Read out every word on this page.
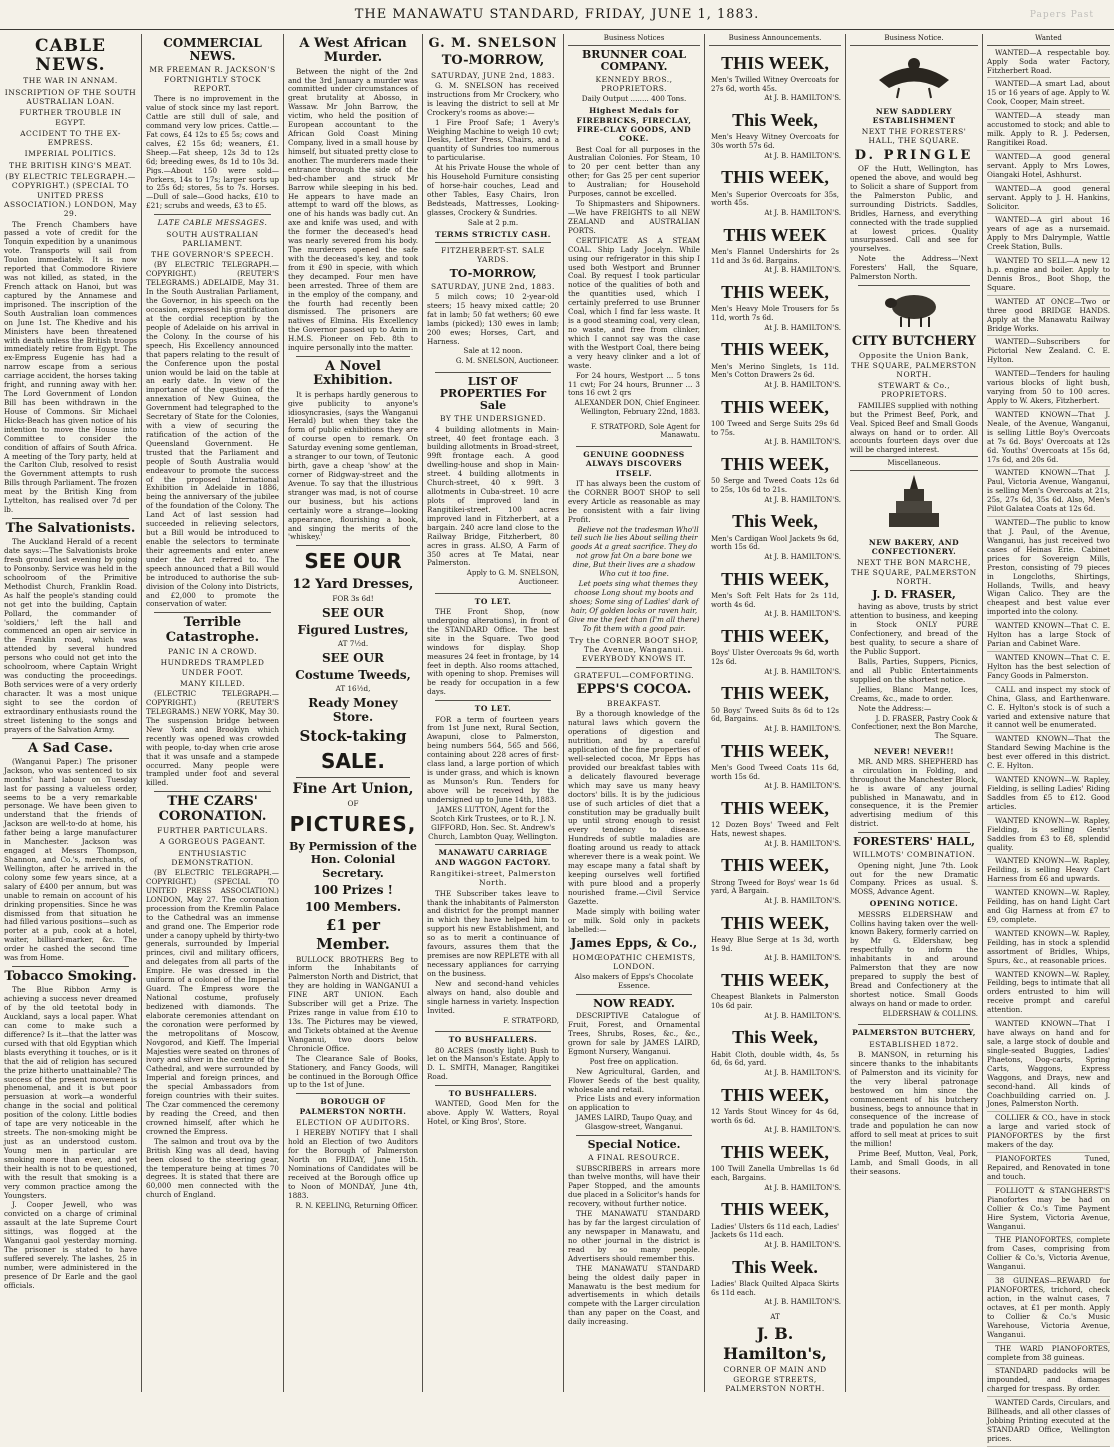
Papers Past
THE MANAWATU STANDARD, FRIDAY, JUNE 1, 1883.
CABLE NEWS.
THE WAR IN ANNAM.
INSCRIPTION OF THE SOUTH AUSTRALIAN LOAN.
FURTHER TROUBLE IN EGYPT.
ACCIDENT TO THE EX-EMPRESS.
IMPERIAL POLITICS.
THE BRITISH KING'S MEAT.
(BY ELECTRIC TELEGRAPH.—COPYRIGHT.) (SPECIAL TO UNITED PRESS ASSOCIATION.) LONDON, May 29.
The French Chambers have passed a vote of credit for the Tonquin expedition by a unanimous vote. Transports will sail from Toulon immediately. It is now reported that Commodore Riviere was not killed, as stated, in the French attack on Hanoi, but was captured by the Annamese and imprisoned. The inscription of the South Australian loan commences on June 1st. The Khedive and his Ministers have been threatened with death unless the British troops immediately retire from Egypt. The ex-Empress Eugenie has had a narrow escape from a serious carriage accident, the horses taking fright, and running away with her. The Lord Government of London Bill has been withdrawn in the House of Commons. Sir Michael Hicks-Beach has given notice of his intention to move the House into Committee to consider the condition of affairs of South Africa. A meeting of the Tory party, held at the Carlton Club, resolved to resist the Government attempts to rush Bills through Parliament. The frozen meat by the British King from Lyttelton, has realised over 7d per lb.
The Salvationists.
The Auckland Herald of a recent date says:—The Salvationists broke fresh ground last evening by going to Ponsonby. Service was held in the schoolroom of the Primitive Methodist Church, Franklin Road. As half the people's standing could not get into the building, Captain Pollard, the commander of 'soldiers,' left the hall and commenced an open air service in the Franklin road, which was attended by several hundred persons who could not get into the schoolroom, where Captain Wright was conducting the proceedings. Both services were of a very orderly character. It was a most unique sight to see the cordon of extraordinary enthusiasts round the street listening to the songs and prayers of the Salvation Army.
A Sad Case.
(Wanganui Paper.) The prisoner Jackson, who was sentenced to six months' hard labour on Tuesday last for passing a valueless order, seems to be a very remarkable personage. We have been given to understand that the friends of Jackson are well-to-do at home, his father being a large manufacturer in Manchester. Jackson was engaged at Messrs Thompson, Shannon, and Co.'s, merchants, of Wellington, after he arrived in the colony some few years since, at a salary of £400 per annum, but was unable to remain on account of his drinking propensities. Since he was dismissed from that situation he had filled various positions—such as porter at a pub, cook at a hotel, waiter, billiard-marker, &c. The order he cashed the second time was from Home.
Tobacco Smoking.
The Blue Ribbon Army is achieving a success never dreamed of by the old teetotal body in Auckland, says a local paper. What can come to make such a difference? Is it—that the latter was cursed with that old Egyptian which blasts everything it touches, or is it that the aid of religion has secured the prize hitherto unattainable? The success of the present movement is phenomenal, and it is but poor persuasion at work—a wonderful change in the social and political position of the colony. Little bodies of tape are very noticeable in the streets. The non-smoking might be just as an understood custom. Young men in particular are smoking more than ever, and yet their health is not to be questioned, with the result that smoking is a very common practice among the Youngsters.
J. Cooper Jewell, who was convicted on a charge of criminal assault at the late Supreme Court sittings, was flogged at the Wanganui gaol yesterday morning. The prisoner is stated to have suffered severely. The lashes, 25 in number, were administered in the presence of Dr Earle and the gaol officials.
COMMERCIAL NEWS.
MR FREEMAN R. JACKSON'S FORTNIGHTLY STOCK REPORT.
There is no improvement in the value of stock since my last report. Cattle are still dull of sale, and command very low prices. Cattle.—Fat cows, £4 12s to £5 5s; cows and calves, £2 15s 6d; weaners, £1. Sheep.—Fat sheep, 12s 3d to 12s 6d; breeding ewes, 8s 1d to 10s 3d. Pigs.—About 150 were sold—Porkers, 14s to 17s; larger sorts up to 25s 6d; stores, 5s to 7s. Horses.—Dull of sale—Good hacks, £10 to £21; scrubs and weeds, £3 to £5.
LATE CABLE MESSAGES.
SOUTH AUSTRALIAN PARLIAMENT.
THE GOVERNOR'S SPEECH.
(BY ELECTRIC TELEGRAPH.—COPYRIGHT.) (REUTER'S TELEGRAMS.) ADELAIDE, May 31. In the South Australian Parliament, the Governor, in his speech on the occasion, expressed his gratification at the cordial reception by the people of Adelaide on his arrival in the Colony. In the course of his speech, His Excellency announced that papers relating to the result of the Conference upon the postal union would be laid on the table at an early date. In view of the importance of the question of the annexation of New Guinea, the Government had telegraphed to the Secretary of State for the Colonies, with a view of securing the ratification of the action of the Queensland Government. He trusted that the Parliament and people of South Australia would endeavour to promote the success of the proposed International Exhibition in Adelaide in 1886, being the anniversary of the jubilee of the foundation of the Colony. The Land Act of last session had succeeded in relieving selectors, but a Bill would be introduced to enable the selectors to terminate their agreements and enter anew under the Act referred to. The speech announced that a Bill would be introduced to authorise the sub-division of the Colony into Districts, and £2,000 to promote the conservation of water.
Terrible Catastrophe.
PANIC IN A CROWD.
HUNDREDS TRAMPLED UNDER FOOT.
MANY KILLED.
(ELECTRIC TELEGRAPH.—COPYRIGHT.) (REUTER'S TELEGRAMS.) NEW YORK, May 30. The suspension bridge between New York and Brooklyn which recently was opened was crowded with people, to-day when crie arose that it was unsafe and a stampede occurred. Many people were trampled under foot and several killed.
THE CZARS' CORONATION.
FURTHER PARTICULARS.
A GORGEOUS PAGEANT.
ENTHUSIASTIC DEMONSTRATION.
(BY ELECTRIC TELEGRAPH.—COPYRIGHT.) (SPECIAL TO UNITED PRESS ASSOCIATION.) LONDON, May 27. The coronation procession from the Kremlin Palace to the Cathedral was an immense and grand one. The Emperior rode under a canopy upheld by thirty-two generals, surrounded by Imperial princes, civil and military officers, and delegates from all parts of the Empire. He was dressed in the uniform of a colonel of the Imperial Guard. The Empress wore the National costume, profusely bedizened with diamonds. The elaborate ceremonies attendant on the coronation were performed by the metropolitans of Moscow, Novgorod, and Kieff. The Imperial Majesties were seated on thrones of ivory and silver in the centre of the Cathedral, and were surrounded by Imperial and foreign princes, and the special Ambassadors from foreign countries with their suites. The Czar commenced the ceremony by reading the Creed, and then crowned himself, after which he crowned the Empress.
The salmon and trout ova by the British King was all dead, having been closed to the steering gear, the temperature being at times 70 degrees. It is stated that there are 60,000 men connected with the church of England.
A West African Murder.
Between the night of the 2nd and the 3rd January a murder was committed under circumstances of great brutality at Abosso, in Wassaw. Mr John Barrow, the victim, who held the position of European accountant to the African Gold Coast Mining Company, lived in a small house by himself, but situated pretty close to another. The murderers made their entrance through the side of the bed-chamber and struck Mr Barrow while sleeping in his bed. He appears to have made an attempt to ward off the blows, as one of his hands was badly cut. An axe and knife was used, and with the former the deceased's head was nearly severed from his body. The murderers opened the safe with the deceased's key, and took from it £90 in specie, with which they decamped. Four men have been arrested. Three of them are in the employ of the company, and the fourth had recently been dismissed. The prisoners are natives of Elmina. His Excellency the Governor passed up to Axim in H.M.S. Pioneer on Feb. 8th to inquire personally into the matter.
A Novel Exhibition.
It is perhaps hardly generous to give publicity to anyone's idiosyncrasies, (says the Wanganui Herald) but when they take the form of public exhibitions they are of course open to remark. On Saturday evening some gentleman, a stranger to our town, of Teutonic birth, gave a cheap 'show' at the corner of Ridgway-street and the Avenue. To say that the illustrious stranger was mad, is not of course our business, but his actions certainly wore a strange—looking appearance, flourishing a book, and singing the merits of the 'whiskey.'
SEE OUR
12 Yard Dresses,
FOR 3s 6d!
SEE OUR
Figured Lustres,
AT 7½d.
SEE OUR
Costume Tweeds,
AT 16½d,
Ready Money Store.
Stock-taking
SALE.
Fine Art Union,
OF
PICTURES,
By Permission of the Hon. Colonial Secretary.
100 Prizes !
100 Members.
£1 per Member.
BULLOCK BROTHERS Beg to inform the Inhabitants of Palmerston North and District, that they are holding in WANGANUI a FINE ART UNION. Each Subscriber will get a Prize. The Prizes range in value from £10 to 13s. The Pictures may be viewed, and Tickets obtained at the Avenue Wanganui, two doors below Chronicle Office.
The Clearance Sale of Books, Stationery, and Fancy Goods, will be continued in the Borough Office up to the 1st of June.
BOROUGH OF PALMERSTON NORTH.
ELECTION OF AUDITORS.
I HEREBY NOTIFY that I shall hold an Election of two Auditors for the Borough of Palmerston North on FRIDAY, June 15th. Nominations of Candidates will be received at the Borough office up to Noon of MONDAY, June 4th, 1883.
R. N. KEELING, Returning Officer.
G. M. SNELSON
TO-MORROW,
SATURDAY, JUNE 2nd, 1883.
G. M. SNELSON has received instructions from Mr Crockery, who is leaving the district to sell at Mr Crockery's rooms as above:—
1 Fire Proof Safe; 1 Avery's Weighing Machine to weigh 10 cwt; Desks, Letter Press, Chairs, and a quantity of Sundries too numerous to particularise.
At his Private House the whole of his Household Furniture consisting of horse-hair couches, Lead and other Tables, Easy Chairs, Iron Bedsteads, Mattresses, Looking-glasses, Crockery & Sundries.
Sale at 2 p.m.
TERMS STRICTLY CASH.
FITZHERBERT-ST. SALE YARDS.
TO-MORROW,
SATURDAY, JUNE 2nd, 1883.
5 milch cows; 10 2-year-old steers; 15 heavy mixed cattle; 20 fat in lamb; 50 fat wethers; 60 ewe lambs (picked); 130 ewes in lamb; 200 ewes; Horses, Cart, and Harness.
Sale at 12 noon.
G. M. SNELSON, Auctioneer.
LIST OF PROPERTIES For Sale
BY THE UNDERSIGNED.
4 building allotments in Main-street, 40 feet frontage each. 3 building allotments in Broad-street, 99ft frontage each. A good dwelling-house and shop in Main-street. 4 building allotments in Church-street, 40 x 99ft. 3 allotments in Cuba-street. 10 acre plots of improved land in Rangitikei-street. 100 acres improved land in Fitzherbert, at a bargain. 240 acre land close to the Railway Bridge, Fitzherbert, 80 acres in grass. ALSO, A Farm of 350 acres at Te Matai, near Palmerston.
Apply to G. M. SNELSON, Auctioneer.
TO LET.
THE Front Shop, (now undergoing alterations), in front of the STANDARD Office. The best site in the Square. Two good windows for display. Shop measures 24 feet in frontage, by 14 feet in depth. Also rooms attached, with opening to shop. Premises will be ready for occupation in a few days.
TO LET.
FOR a term of fourteen years from 1st June next, Rural Section, Awapuni, close to Palmerston, being numbers 564, 565 and 566, containing about 228 acres of first-class land, a large portion of which is under grass, and which is known as Munson's Run. Tenders for above will be received by the undersigned up to June 14th, 1883.
JAMES LUTTON, Agent for the Scotch Kirk Trustees, or to R. J. N. GIFFORD, Hon. Sec. St. Andrew's Church, Lambton Quay, Wellington.
MANAWATU CARRIAGE AND WAGGON FACTORY.
Rangitikei-street, Palmerston North.
THE Subscriber takes leave to thank the inhabitants of Palmerston and district for the prompt manner in which they have helped him to support his new Establishment, and so as to merit a continuance of favours, assures them that the premises are now REPLETE with all necessary appliances for carrying on the business.
New and second-hand vehicles always on hand, also double and single harness in variety. Inspection Invited.
F. STRATFORD,
TO BUSHFALLERS.
80 ACRES (mostly light) Bush to let on the Manson's Estate. Apply to D. L. SMITH, Manager, Rangitikei Road.
TO BUSHFALLERS.
WANTED, Good Men for the above. Apply W. Watters, Royal Hotel, or King Bros', Store.
Business Notices
BRUNNER COAL COMPANY.
KENNEDY BROS., PROPRIETORS.
Daily Output ........ 400 Tons.
Highest Medals for FIREBRICKS, FIRECLAY, FIRE-CLAY GOODS, AND COKE.
Best Coal for all purposes in the Australian Colonies. For Steam, 10 to 20 per cent better than any other; for Gas 25 per cent superior to Australian; for Household Purposes, cannot be excelled.
To Shipmasters and Shipowners.—We have FREIGHTS to all NEW ZEALAND and AUSTRALIAN PORTS.
CERTIFICATE AS A STEAM COAL. Ship Lady Jocelyn. While using our refrigerator in this ship I used both Westport and Brunner Coal. By request I took particular notice of the qualities of both and the quantities used, which I certainly preferred to use Brunner Coal, which I find far less waste. It is a good steaming coal, very clean, no waste, and free from clinker, which I cannot say was the case with the Westport Coal, there being a very heavy clinker and a lot of waste.
For 24 hours, Westport ... 5 tons 11 cwt; For 24 hours, Brunner ... 3 tons 16 cwt 2 qrs
ALEXANDER DON, Chief Engineer. Wellington, February 22nd, 1883.
F. STRATFORD, Sole Agent for Manawatu.
GENUINE GOODNESS ALWAYS DISCOVERS ITSELF.
IT has always been the custom of the CORNER BOOT SHOP to sell every Article as reasonable as may be consistent with a fair living Profit.
Believe not the tradesman Who'll tell such lie lies About selling their goods At a great sacrifice. They do not grow fat On a bare bone we dine, But their lives are a shadow Who cut it too fine.
Let poets sing what themes they choose Long shout my boots and shoes; Some sing of Ladies' dark of hair, Of golden locks or raven hair, Give me the feet than (I'm all there) To fit them with a good pair.
Try the CORNER BOOT SHOP, The Avenue, Wanganui. EVERYBODY KNOWS IT.
GRATEFUL—COMFORTING.
EPPS'S COCOA.
BREAKFAST.
By a thorough knowledge of the natural laws which govern the operations of digestion and nutrition, and by a careful application of the fine properties of well-selected cocoa, Mr Epps has provided our breakfast tables with a delicately flavoured beverage which may save us many heavy doctors' bills. It is by the judicious use of such articles of diet that a constitution may be gradually built up until strong enough to resist every tendency to disease. Hundreds of subtle maladies are floating around us ready to attack wherever there is a weak point. We may escape many a fatal shaft by keeping ourselves well fortified with pure blood and a properly nourished frame.—Civil Service Gazette.
Made simply with boiling water or milk. Sold only in packets labelled:—
James Epps, & Co.,
HOMŒOPATHIC CHEMISTS, LONDON.
Also makers of Epps's Chocolate Essence.
NOW READY.
DESCRIPTIVE Catalogue of Fruit, Forest, and Ornamental Trees, Shrubs, Roses, &c., &c., grown for sale by JAMES LAIRD, Egmont Nursery, Wanganui.
Post free on application.
New Agricultural, Garden, and Flower Seeds of the best quality, wholesale and retail.
Price Lists and every information on application to
JAMES LAIRD, Taupo Quay, and Glasgow-street, Wanganui.
Special Notice.
A FINAL RESOURCE.
SUBSCRIBERS in arrears more than twelve months, will have their Paper Stopped, and the amounts due placed in a Solicitor's hands for recovery, without further notice.
THE MANAWATU STANDARD has by far the largest circulation of any newspaper in Manawatu, and no other journal in the district is read by so many people. Advertisers should remember this.
THE MANAWATU STANDARD being the oldest daily paper in Manawatu is the best medium for advertisements in which details compete with the Larger circulation than any paper on the Coast, and daily increasing.
Business Announcements.
THIS WEEK,
Men's Twilled Witney Overcoats for 27s 6d, worth 45s.
At J. B. HAMILTON'S.
This Week,
Men's Heavy Witney Overcoats for 30s worth 57s 6d.
At J. B. HAMILTON'S.
THIS WEEK,
Men's Superior Overcoats for 35s, worth 45s.
At J. B. HAMILTON'S.
THIS WEEK
Men's Flannel Undershirts for 2s 11d and 3s 6d. Bargains.
At J. B. HAMILTON'S.
THIS WEEK,
Men's Heavy Mole Trousers for 5s 11d, worth 7s 6d.
At J. B. HAMILTON'S.
THIS WEEK,
Men's Merino Singlets, 1s 11d. Men's Cotton Drawers 2s 6d.
At J. B. HAMILTON'S.
THIS WEEK,
100 Tweed and Serge Suits 29s 6d to 75s.
At J. B. HAMILTON'S.
THIS WEEK,
50 Serge and Tweed Coats 12s 6d to 25s, 10s 6d to 21s.
At J. B. HAMILTON'S.
This Week,
Men's Cardigan Wool Jackets 9s 6d, worth 15s 6d.
At J. B. HAMILTON'S.
THIS WEEK,
Men's Soft Felt Hats for 2s 11d, worth 4s 6d.
At J. B. HAMILTON'S.
THIS WEEK,
Boys' Ulster Overcoats 9s 6d, worth 12s 6d.
At J. B. HAMILTON'S.
THIS WEEK,
50 Boys' Tweed Suits 8s 6d to 12s 6d, Bargains.
At J. B. HAMILTON'S.
THIS WEEK,
Men's Good Tweed Coats 11s 6d, worth 15s 6d.
At J. B. HAMILTON'S.
THIS WEEK,
12 Dozen Boys' Tweed and Felt Hats, newest shapes.
At J. B. HAMILTON'S.
THIS WEEK,
Strong Tweed for Boys' wear 1s 6d yard, A Bargain.
At J. B. HAMILTON'S.
THIS WEEK,
Heavy Blue Serge at 1s 3d, worth 1s 9d.
At J. B. HAMILTON'S.
THIS WEEK,
Cheapest Blankets in Palmerston 10s 6d pair.
At J. B. HAMILTON'S.
This Week,
Habit Cloth, double width, 4s, 5s 6d, 6s 6d, yard.
At J. B. HAMILTON'S.
THIS WEEK,
12 Yards Stout Wincey for 4s 6d, worth 6s 6d.
At J. B. HAMILTON'S.
THIS WEEK,
100 Twill Zanella Umbrellas 1s 6d each, Bargains.
At J. B. HAMILTON'S.
THIS WEEK,
Ladies' Ulsters 6s 11d each, Ladies' Jackets 6s 11d each.
At J. B. HAMILTON'S.
This Week.
Ladies' Black Quilted Alpaca Skirts 6s 11d each.
At J. B. HAMILTON'S.
AT
J. B. Hamilton's,
CORNER OF MAIN AND GEORGE STREETS, PALMERSTON NORTH.
Business Notice.
NEW SADDLERY ESTABLISHMENT
NEXT THE FORESTERS' HALL, THE SQUARE.
D. PRINGLE
OF the Hutt, Wellington, has opened the above, and would beg to Solicit a share of Support from the Palmerston Public, and surrounding Districts. Saddles, Bridles, Harness, and everything connected with the trade supplied at lowest prices. Quality unsurpassed. Call and see for yourselves.
Note the Address—'Next Foresters' Hall, the Square, Palmerston North.
CITY BUTCHERY
Opposite the Union Bank, THE SQUARE, PALMERSTON NORTH.
STEWART & Co., PROPRIETORS.
FAMILIES supplied with nothing but the Primest Beef, Pork, and Veal. Spiced Beef and Small Goods always on hand or to order. All accounts fourteen days over due will be charged interest.
Miscellaneous.
NEW BAKERY, AND CONFECTIONERY.
NEXT THE BON MARCHE, THE SQUARE, PALMERSTON NORTH.
J. D. FRASER,
having as above, trusts by strict attention to business, and keeping in Stock ONLY PURE Confectionery, and bread of the best quality, to secure a share of the Public Support.
Balls, Parties, Suppers, Picnics, and all Public Entertainments supplied on the shortest notice.
Jellies, Blanc Mange, Ices, Creams, &c., made to order.
Note the Address:—
J. D. FRASER, Pastry Cook & Confectioner, next the Bon Marche, The Square.
NEVER! NEVER!!
MR. AND MRS. SHEPHERD has a circulation in Folding, and throughout the Manchester Block, he is aware of any journal published in Manawatu, and in consequence, it is the Premier advertising medium of this district.
FORESTERS' HALL,
WILLMOTS' COMBINATION.
Opening night, June 7th. Look out for the new Dramatic Company. Prices as usual. S. MOSS, Advance Agent.
OPENING NOTICE.
MESSRS ELDERSHAW and Collins having taken over the well-known Bakery, formerly carried on by Mr G. Eldershaw, beg respectfully to inform the inhabitants in and around Palmerston that they are now prepared to supply the best of Bread and Confectionery at the shortest notice. Small Goods always on hand or made to order.
ELDERSHAW & COLLINS.
PALMERSTON BUTCHERY,
ESTABLISHED 1872.
B. MANSON, in returning his sincere thanks to the inhabitants of Palmerston and its vicinity for the very liberal patronage bestowed on him since the commencement of his butchery business, begs to announce that in consequence of the increase of trade and population he can now afford to sell meat at prices to suit the million!
Prime Beef, Mutton, Veal, Pork, Lamb, and Small Goods, in all their seasons.
Wanted
WANTED—A respectable boy. Apply Soda water Factory, Fitzherbert Road.
WANTED—A smart Lad, about 15 or 16 years of age. Apply to W. Cook, Cooper, Main street.
WANTED—A steady man accustomed to stock; and able to milk. Apply to R. J. Pedersen, Rangitikei Road.
WANTED—A good general servant. Apply to Mrs Lowes, Oiangaki Hotel, Ashhurst.
WANTED—A good general servant. Apply to J. H. Hankins, Solicitor.
WANTED—A girl about 16 years of age as a nursemaid. Apply to Mrs Dalrymple, Wattle Creek Station, Bulls.
WANTED TO SELL—A new 12 h.p. engine and boiler. Apply to Dennis Bros., Boot Shop, the Square.
WANTED AT ONCE—Two or three good BRIDGE HANDS. Apply at the Manawatu Railway Bridge Works.
WANTED—Subscribers for Pictorial New Zealand. C. E. Hylton.
WANTED—Tenders for hauling various blocks of light bush, varying from 50 to 100 acres. Apply to W. Akers, Fitzherbert.
WANTED KNOWN—That J. Neale, of the Avenue, Wanganui, is selling Little Boy's Overcoats at 7s 6d. Boys' Overcoats at 12s 6d. Youths' Overcoats at 15s 6d, 17s 6d, and 20s 6d.
WANTED KNOWN—That J. Paul, Victoria Avenue, Wanganui, is selling Men's Overcoats at 21s, 25s, 27s 6d, 35s 6d. Also, Men's Pilot Galatea Coats at 12s 6d.
WANTED—The public to know that J. Paul, of the Avenue, Wanganui, has just received two cases of Heinas Erie. Cabinet prices for Sovereign Mills, Preston, consisting of 79 pieces in Longcloths, Shirtings, Hollands, Twills, and heavy Wigan Calico. They are the cheapest and best value ever imported into the colony.
WANTED KNOWN—That C. E. Hylton has a large Stock of Parian and Cabinet Ware.
WANTED KNOWN—That C. E. Hylton has the best selection of Fancy Goods in Palmerston.
CALL and inspect my stock of China, Glass, and Earthenware. C. E. Hylton's stock is of such a varied and extensive nature that it cannot well be enumerated.
WANTED KNOWN—That the Standard Sewing Machine is the best ever offered in this district. C. E. Hylton.
WANTED KNOWN—W. Rapley, Fielding, is selling Ladies' Riding Saddles from £5 to £12. Good articles.
WANTED KNOWN—W. Rapley, Fielding, is selling Gents' Saddles from £3 to £8, splendid quality.
WANTED KNOWN—W. Rapley, Feilding, is selling Heavy Cart Harness from £6 and upwards.
WANTED KNOWN—W. Rapley, Feilding, has on hand Light Cart and Gig Harness at from £7 to £9, complete.
WANTED KNOWN—W. Rapley, Feilding, has in stock a splendid assortment of Bridles, Whips, Spurs, &c., at reasonable prices.
WANTED KNOWN—W. Rapley, Feilding, begs to intimate that all orders entrusted to him will receive prompt and careful attention.
WANTED KNOWN—That I have always on hand and for sale, a large stock of double and single-seated Buggies, Ladies' Phaetons, Dog-carts, Spring Carts, Waggons, Express Waggons, and Drays, new and second-hand. All kinds of Coachbuilding carried on. J. Jones, Palmerston North.
COLLIER & CO., have in stock a large and varied stock of PIANOFORTES by the first makers of the day.
PIANOFORTES Tuned, Repaired, and Renovated in tone and touch.
FOLLIOTT & STANGHERST'S Pianofortes may be had on Collier & Co.'s Time Payment Hire System, Victoria Avenue, Wanganui.
THE PIANOFORTES, complete from Cases, comprising from Collier & Co.'s, Victoria Avenue, Wanganui.
38 GUINEAS—REWARD for PIANOFORTES, trichord, check action, in the walnut cases, 7 octaves, at £1 per month. Apply to Collier & Co.'s Music Warehouse, Victoria Avenue, Wanganui.
THE WARD PIANOFORTES, complete from 38 guineas.
STANDARD paddocks will be impounded, and damages charged for trespass. By order.
WANTED Cards, Circulars, and Billheads, and all other classes of Jobbing Printing executed at the STANDARD Office, Wellington prices.
